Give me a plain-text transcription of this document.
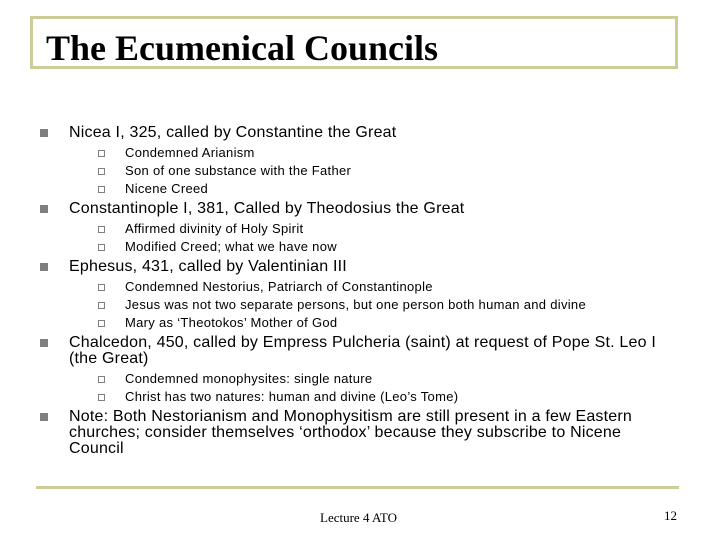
The Ecumenical Councils
Nicea I, 325, called by Constantine the Great
Condemned Arianism
Son of one substance with the Father
Nicene Creed
Constantinople I, 381, Called by Theodosius the Great
Affirmed divinity of Holy Spirit
Modified Creed; what we have now
Ephesus, 431, called by Valentinian III
Condemned Nestorius, Patriarch of Constantinople
Jesus was not two separate persons, but one person both human and divine
Mary as ‘Theotokos’ Mother of God
Chalcedon, 450, called by Empress Pulcheria (saint) at request of Pope St. Leo I (the Great)
Condemned monophysites: single nature
Christ has two natures: human and divine (Leo’s Tome)
Note: Both Nestorianism and Monophysitism are still present in a few Eastern churches; consider themselves ‘orthodox’ because they subscribe to Nicene Council
Lecture 4 ATO	12
